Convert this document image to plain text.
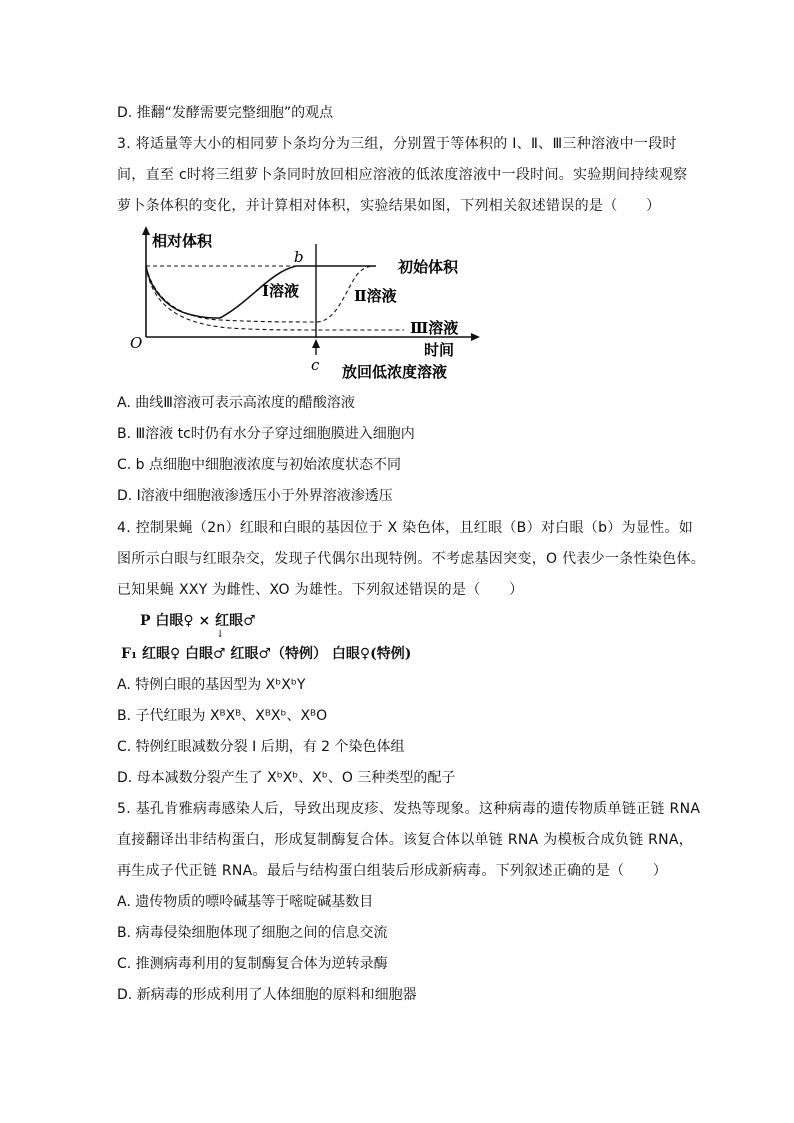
D. 推翻“发酵需要完整细胞”的观点
3. 将适量等大小的相同萝卜条均分为三组，分别置于等体积的 Ⅰ、Ⅱ、Ⅲ三种溶液中一段时
间，直至 c时将三组萝卜条同时放回相应溶液的低浓度溶液中一段时间。实验期间持续观察
萝卜条体积的变化，并计算相对体积，实验结果如图，下列相关叙述错误的是（　　）
相对体积
O
b
初始体积
Ⅰ溶液	Ⅱ溶液
Ⅲ溶液
时间
c 放回低浓度溶液
A. 曲线Ⅲ溶液可表示高浓度的醋酸溶液
B. Ⅲ溶液 tc时仍有水分子穿过细胞膜进入细胞内
C. b 点细胞中细胞液浓度与初始浓度状态不同
D. Ⅰ溶液中细胞液渗透压小于外界溶液渗透压
4. 控制果蝇（2n）红眼和白眼的基因位于 X 染色体，且红眼（B）对白眼（b）为显性。如
图所示白眼与红眼杂交，发现子代偶尔出现特例。不考虑基因突变，O 代表少一条性染色体。
已知果蝇 XXY 为雌性、XO 为雄性。下列叙述错误的是（　　）
P 白眼♀ × 红眼♂
↓
F₁ 红眼♀ 白眼♂ 红眼♂（特例） 白眼♀(特例)
A. 特例白眼的基因型为 XᵇXᵇY
B. 子代红眼为 XᴮXᴮ、XᴮXᵇ、XᴮO
C. 特例红眼减数分裂 Ⅰ 后期，有 2 个染色体组
D. 母本减数分裂产生了 XᵇXᵇ、Xᵇ、O 三种类型的配子
5. 基孔肯雅病毒感染人后，导致出现皮疹、发热等现象。这种病毒的遗传物质单链正链 RNA
直接翻译出非结构蛋白，形成复制酶复合体。该复合体以单链 RNA 为模板合成负链 RNA，
再生成子代正链 RNA。最后与结构蛋白组装后形成新病毒。下列叙述正确的是（　　）
A. 遗传物质的嘌呤碱基等于嘧啶碱基数目
B. 病毒侵染细胞体现了细胞之间的信息交流
C. 推测病毒利用的复制酶复合体为逆转录酶
D. 新病毒的形成利用了人体细胞的原料和细胞器
